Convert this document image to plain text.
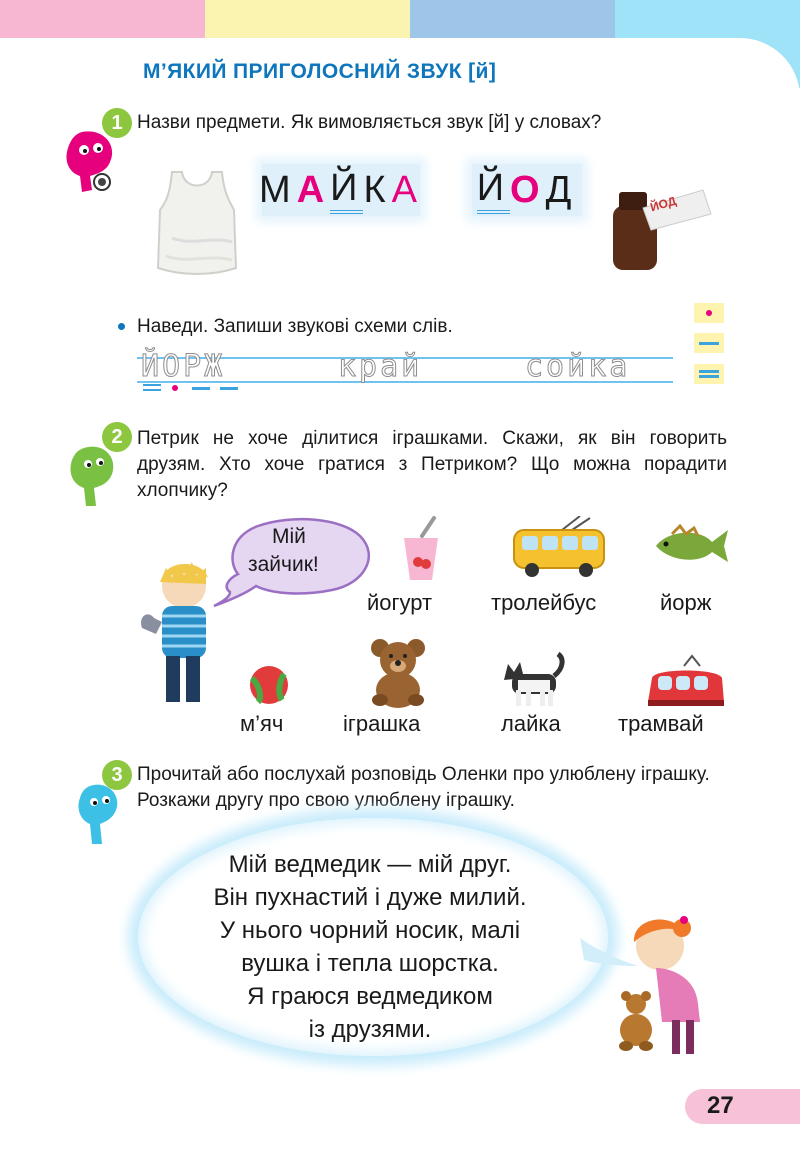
М’ЯКИЙ ПРИГОЛОСНИЙ ЗВУК [й]
1 Назви предмети. Як вимовляється звук [й] у словах?
М А Й К А Й О Д	ЙОД
Наведи. Запиши звукові схеми слів.
ЙОРЖ	край	сойка
2 Петрик не хоче ділитися іграшками. Скажи, як він говорить друзям. Хто хоче гратися з Петриком? Що можна порадити хлопчику?
Мій
зайчик!
йогурт	тролейбус	йорж
м’яч	іграшка	лайка	трамвай
3 Прочитай або послухай розповідь Оленки про улюблену іграшку. Розкажи другу про свою улюблену іграшку.
Мій ведмедик — мій друг.
Він пухнастий і дуже милий.
У нього чорний носик, малі
вушка і тепла шорстка.
Я граюся ведмедиком
із друзями.
27
